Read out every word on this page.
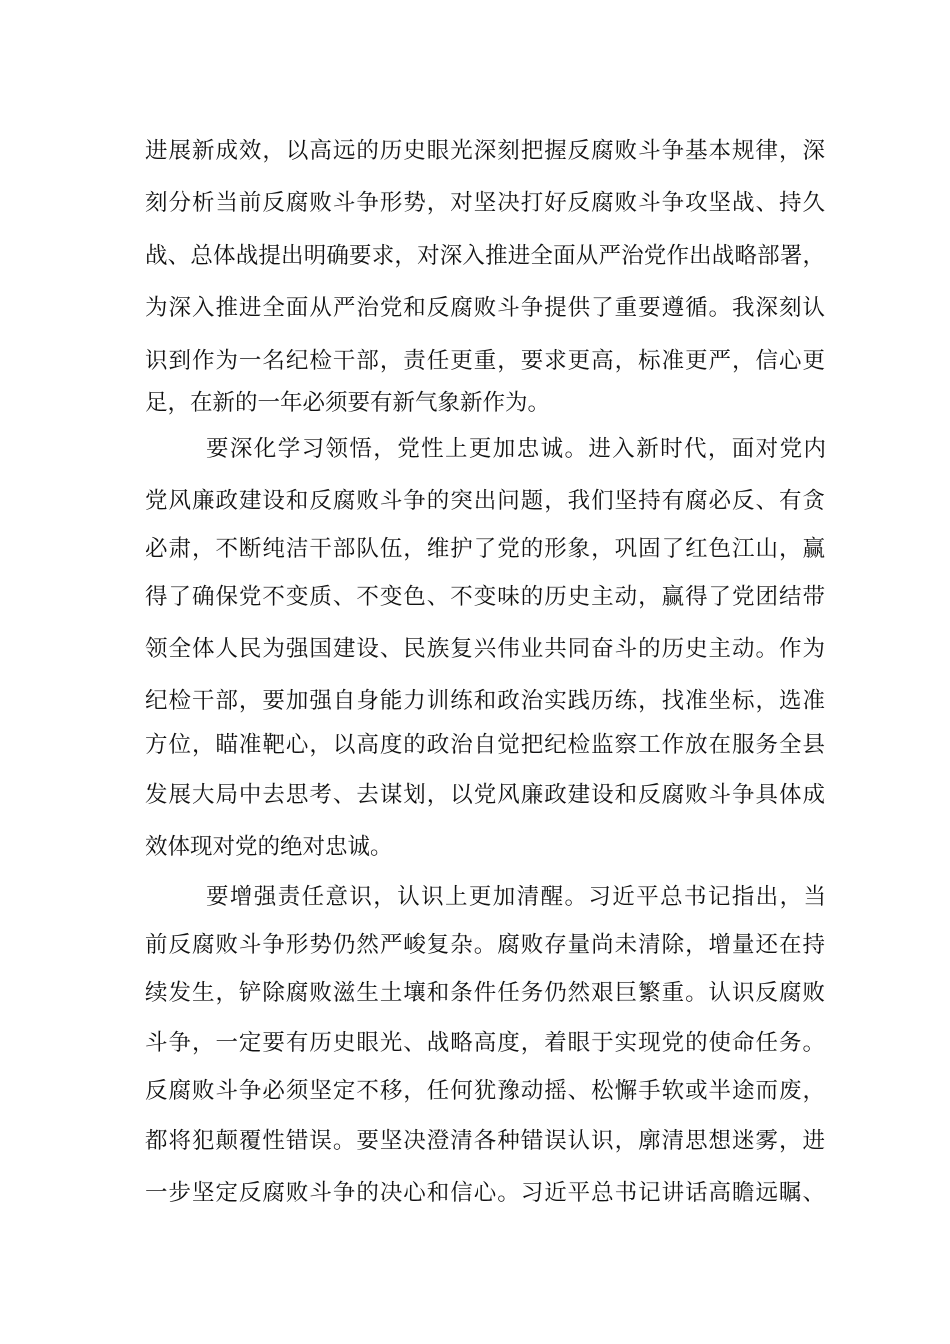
进展新成效，以高远的历史眼光深刻把握反腐败斗争基本规律，深
刻分析当前反腐败斗争形势，对坚决打好反腐败斗争攻坚战、持久
战、总体战提出明确要求，对深入推进全面从严治党作出战略部署，
为深入推进全面从严治党和反腐败斗争提供了重要遵循。我深刻认
识到作为一名纪检干部，责任更重，要求更高，标准更严，信心更
足，在新的一年必须要有新气象新作为。
要深化学习领悟，党性上更加忠诚。进入新时代，面对党内
党风廉政建设和反腐败斗争的突出问题，我们坚持有腐必反、有贪
必肃，不断纯洁干部队伍，维护了党的形象，巩固了红色江山，赢
得了确保党不变质、不变色、不变味的历史主动，赢得了党团结带
领全体人民为强国建设、民族复兴伟业共同奋斗的历史主动。作为
纪检干部，要加强自身能力训练和政治实践历练，找准坐标，选准
方位，瞄准靶心，以高度的政治自觉把纪检监察工作放在服务全县
发展大局中去思考、去谋划，以党风廉政建设和反腐败斗争具体成
效体现对党的绝对忠诚。
要增强责任意识，认识上更加清醒。习近平总书记指出，当
前反腐败斗争形势仍然严峻复杂。腐败存量尚未清除，增量还在持
续发生，铲除腐败滋生土壤和条件任务仍然艰巨繁重。认识反腐败
斗争，一定要有历史眼光、战略高度，着眼于实现党的使命任务。
反腐败斗争必须坚定不移，任何犹豫动摇、松懈手软或半途而废，
都将犯颠覆性错误。要坚决澄清各种错误认识，廓清思想迷雾，进
一步坚定反腐败斗争的决心和信心。习近平总书记讲话高瞻远瞩、
